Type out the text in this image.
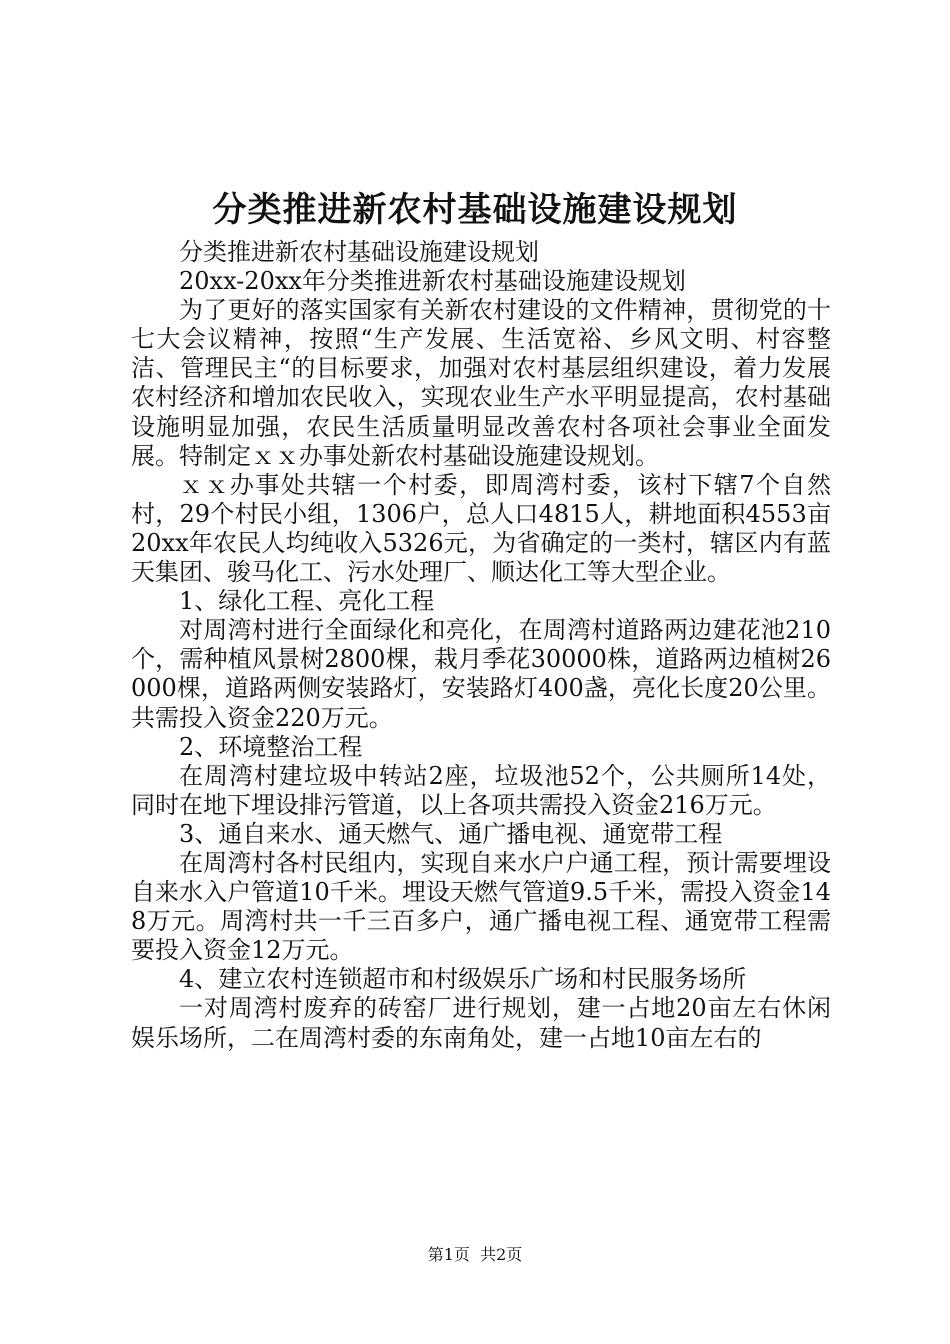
分类推进新农村基础设施建设规划

分类推进新农村基础设施建设规划

20xx-20xx年分类推进新农村基础设施建设规划

为了更好的落实国家有关新农村建设的文件精神，贯彻党的十七大会议精神，按照“生产发展、生活宽裕、乡风文明、村容整洁、管理民主“的目标要求，加强对农村基层组织建设，着力发展农村经济和增加农民收入，实现农业生产水平明显提高，农村基础设施明显加强，农民生活质量明显改善农村各项社会事业全面发展。特制定ｘｘ办事处新农村基础设施建设规划。

ｘｘ办事处共辖一个村委，即周湾村委，该村下辖7个自然村，29个村民小组，1306户，总人口4815人，耕地面积4553亩20xx年农民人均纯收入5326元，为省确定的一类村，辖区内有蓝天集团、骏马化工、污水处理厂、顺达化工等大型企业。

1、绿化工程、亮化工程

对周湾村进行全面绿化和亮化，在周湾村道路两边建花池210个，需种植风景树2800棵，栽月季花30000株，道路两边植树26000棵，道路两侧安装路灯，安装路灯400盏，亮化长度20公里。共需投入资金220万元。

2、环境整治工程

在周湾村建垃圾中转站2座，垃圾池52个，公共厕所14处，同时在地下埋设排污管道，以上各项共需投入资金216万元。

3、通自来水、通天燃气、通广播电视、通宽带工程

在周湾村各村民组内，实现自来水户户通工程，预计需要埋设自来水入户管道10千米。埋设天燃气管道9.5千米，需投入资金148万元。周湾村共一千三百多户，通广播电视工程、通宽带工程需要投入资金12万元。

4、建立农村连锁超市和村级娱乐广场和村民服务场所

一对周湾村废弃的砖窑厂进行规划，建一占地20亩左右休闲娱乐场所，二在周湾村委的东南角处，建一占地10亩左右的

第1页  共2页
